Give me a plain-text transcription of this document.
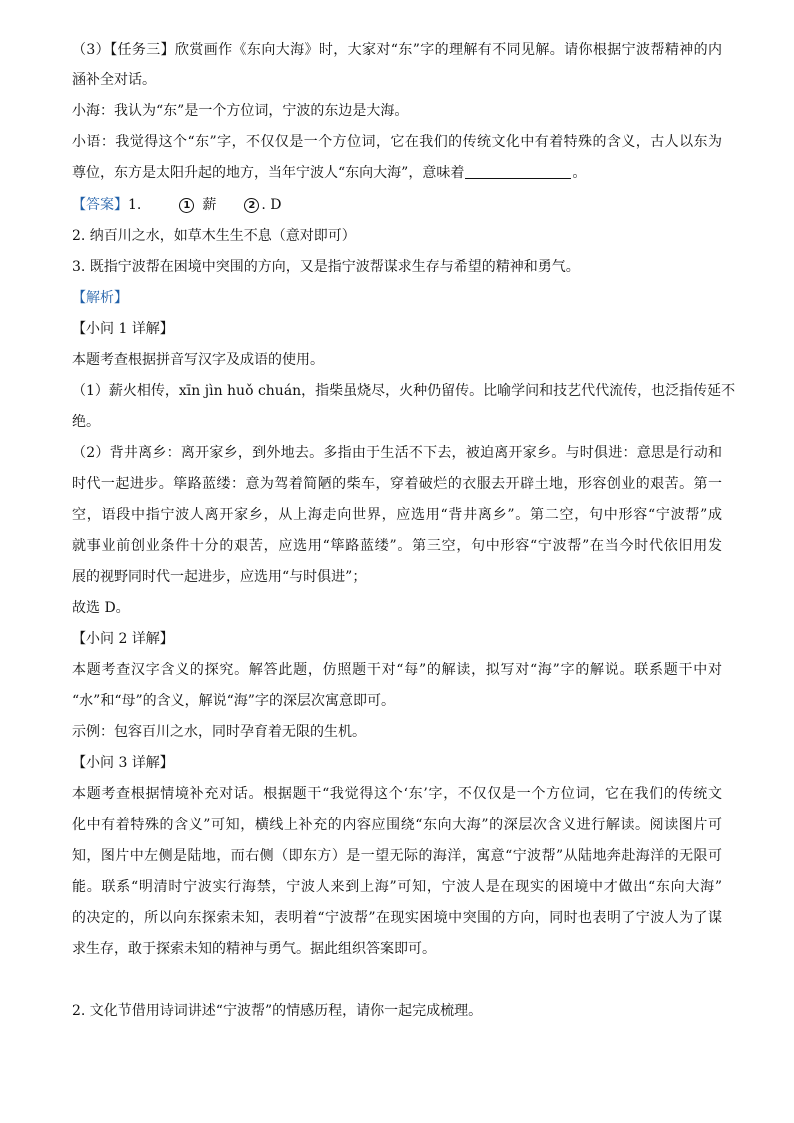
（3）【任务三】欣赏画作《东向大海》时，大家对“东”字的理解有不同见解。请你根据宁波帮精神的内
涵补全对话。
小海：我认为“东”是一个方位词，宁波的东边是大海。
小语：我觉得这个“东”字，不仅仅是一个方位词，它在我们的传统文化中有着特殊的含义，古人以东为
尊位，东方是太阳升起的地方，当年宁波人“东向大海”，意味着	。
【答案】1.	1 薪	2 . D
2. 纳百川之水，如草木生生不息（意对即可）
3. 既指宁波帮在困境中突围的方向，又是指宁波帮谋求生存与希望的精神和勇气。
【解析】
【小问 1 详解】
本题考查根据拼音写汉字及成语的使用。
（1）薪火相传，xīn jìn huǒ chuán，指柴虽烧尽，火种仍留传。比喻学问和技艺代代流传，也泛指传延不
绝。
（2）背井离乡：离开家乡，到外地去。多指由于生活不下去，被迫离开家乡。与时俱进：意思是行动和
时代一起进步。筚路蓝缕：意为驾着简陋的柴车，穿着破烂的衣服去开辟土地，形容创业的艰苦。第一
空，语段中指宁波人离开家乡，从上海走向世界，应选用“背井离乡”。第二空，句中形容“宁波帮”成
就事业前创业条件十分的艰苦，应选用“筚路蓝缕”。第三空，句中形容“宁波帮”在当今时代依旧用发
展的视野同时代一起进步，应选用“与时俱进”；
故选 D。
【小问 2 详解】
本题考查汉字含义的探究。解答此题，仿照题干对“每”的解读，拟写对“海”字的解说。联系题干中对
“水”和“母”的含义，解说“海”字的深层次寓意即可。
示例：包容百川之水，同时孕育着无限的生机。
【小问 3 详解】
本题考查根据情境补充对话。根据题干“我觉得这个‘东’字，不仅仅是一个方位词，它在我们的传统文
化中有着特殊的含义”可知，横线上补充的内容应围绕“东向大海”的深层次含义进行解读。阅读图片可
知，图片中左侧是陆地，而右侧（即东方）是一望无际的海洋，寓意“宁波帮”从陆地奔赴海洋的无限可
能。联系“明清时宁波实行海禁，宁波人来到上海”可知，宁波人是在现实的困境中才做出“东向大海”
的决定的，所以向东探索未知，表明着“宁波帮”在现实困境中突围的方向，同时也表明了宁波人为了谋
求生存，敢于探索未知的精神与勇气。据此组织答案即可。
2. 文化节借用诗词讲述“宁波帮”的情感历程，请你一起完成梳理。
